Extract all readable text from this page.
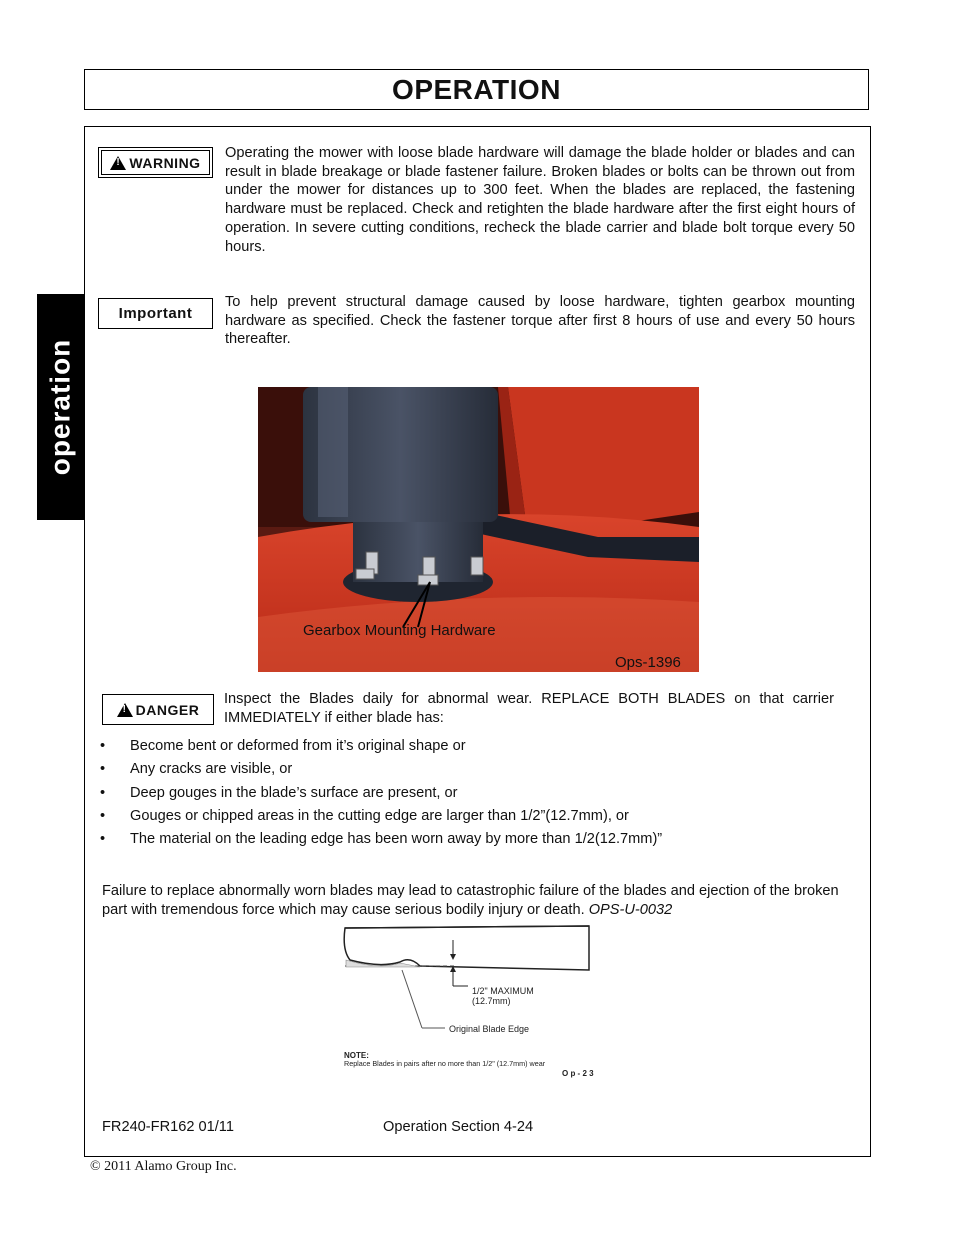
OPERATION
operation
!
WARNING
Operating the mower with loose blade hardware will damage the blade holder or blades and can result in blade breakage or blade fastener failure. Broken blades or bolts can be thrown out from under the mower for distances up to 300 feet. When the blades are replaced, the fastening hardware must be replaced. Check and retighten the blade hardware after the first eight hours of operation. In severe cutting conditions, recheck the blade carrier and blade bolt torque every 50 hours.
Important
To help prevent structural damage caused by loose hardware, tighten gearbox mounting hardware as specified. Check the fastener torque after first 8 hours of use and every 50 hours thereafter.
Gearbox Mounting Hardware
Ops-1396
!
DANGER
Inspect the Blades daily for abnormal wear. REPLACE BOTH BLADES on that carrier IMMEDIATELY if either blade has:
• Become bent or deformed from it’s original shape or
• Any cracks are visible, or
• Deep gouges in the blade’s surface are present, or
• Gouges or chipped areas in the cutting edge are larger than 1/2”(12.7mm), or
• The material on the leading edge has been worn away by more than 1/2(12.7mm)”
Failure to replace abnormally worn blades may lead to catastrophic failure of the blades and ejection of the broken part with tremendous force which may cause serious bodily injury or death. OPS-U-0032
1/2" MAXIMUM
(12.7mm)
Original Blade Edge
NOTE:
Replace Blades in pairs after no more than 1/2" (12.7mm) wear
O p - 2 3
FR240-FR162 01/11	Operation Section 4-24
© 2011 Alamo Group Inc.
